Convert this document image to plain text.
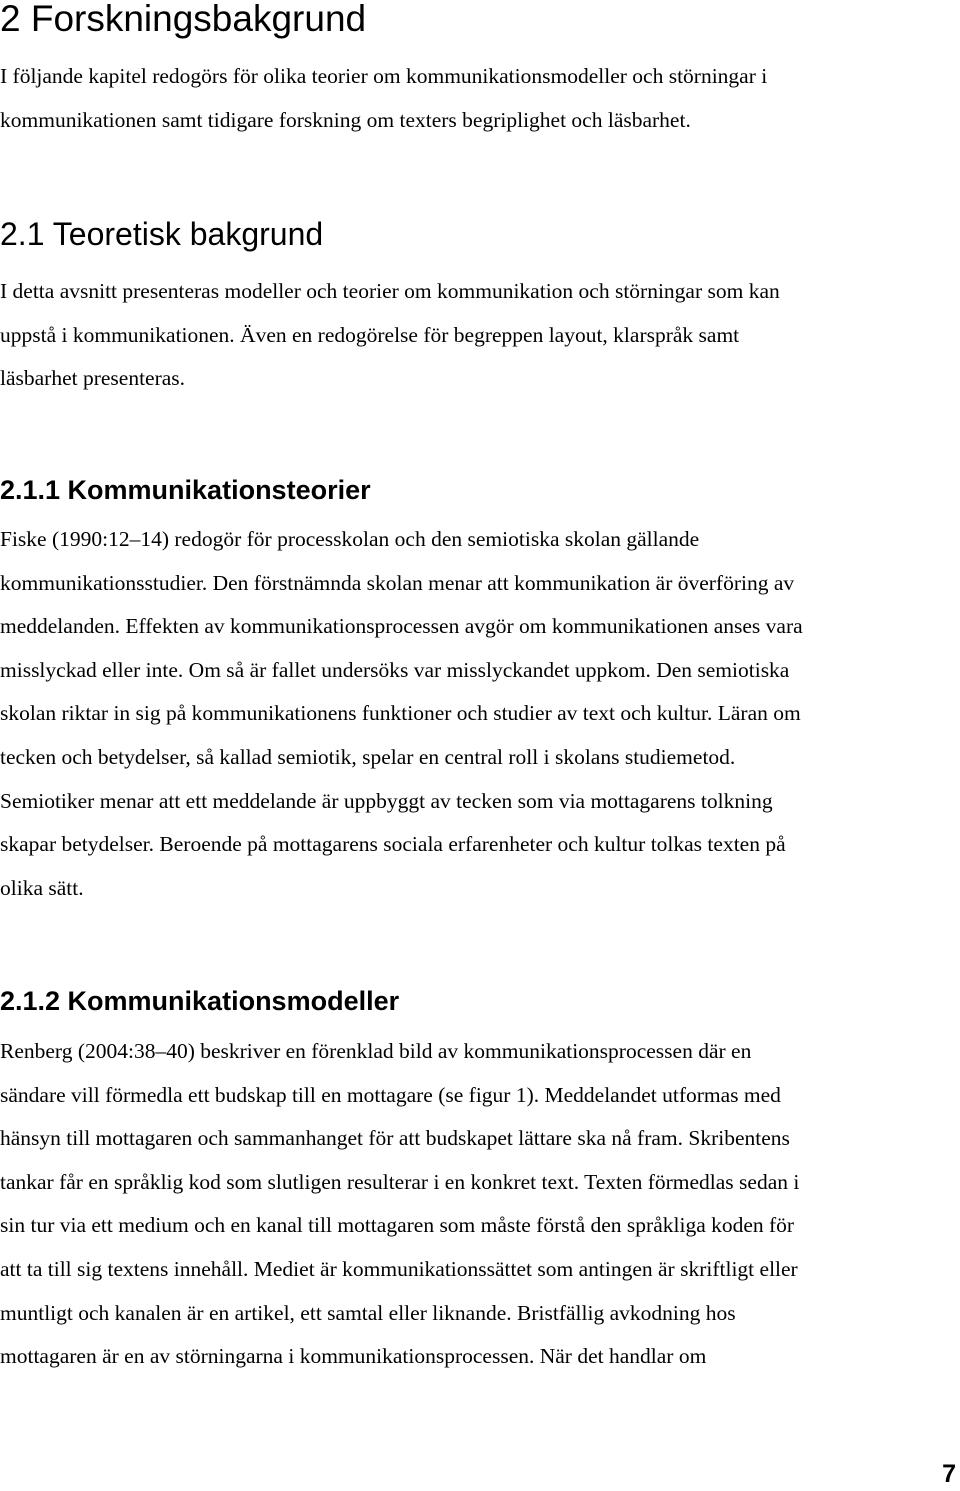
2 Forskningsbakgrund

I följande kapitel redogörs för olika teorier om kommunikationsmodeller och störningar i
kommunikationen samt tidigare forskning om texters begriplighet och läsbarhet.

2.1 Teoretisk bakgrund

I detta avsnitt presenteras modeller och teorier om kommunikation och störningar som kan
uppstå i kommunikationen. Även en redogörelse för begreppen layout, klarspråk samt
läsbarhet presenteras.

2.1.1 Kommunikationsteorier

Fiske (1990:12–14) redogör för processkolan och den semiotiska skolan gällande
kommunikationsstudier. Den förstnämnda skolan menar att kommunikation är överföring av
meddelanden. Effekten av kommunikationsprocessen avgör om kommunikationen anses vara
misslyckad eller inte. Om så är fallet undersöks var misslyckandet uppkom. Den semiotiska
skolan riktar in sig på kommunikationens funktioner och studier av text och kultur. Läran om
tecken och betydelser, så kallad semiotik, spelar en central roll i skolans studiemetod.
Semiotiker menar att ett meddelande är uppbyggt av tecken som via mottagarens tolkning
skapar betydelser. Beroende på mottagarens sociala erfarenheter och kultur tolkas texten på
olika sätt.

2.1.2 Kommunikationsmodeller

Renberg (2004:38–40) beskriver en förenklad bild av kommunikationsprocessen där en
sändare vill förmedla ett budskap till en mottagare (se figur 1). Meddelandet utformas med
hänsyn till mottagaren och sammanhanget för att budskapet lättare ska nå fram. Skribentens
tankar får en språklig kod som slutligen resulterar i en konkret text. Texten förmedlas sedan i
sin tur via ett medium och en kanal till mottagaren som måste förstå den språkliga koden för
att ta till sig textens innehåll. Mediet är kommunikationssättet som antingen är skriftligt eller
muntligt och kanalen är en artikel, ett samtal eller liknande. Bristfällig avkodning hos
mottagaren är en av störningarna i kommunikationsprocessen. När det handlar om

7
